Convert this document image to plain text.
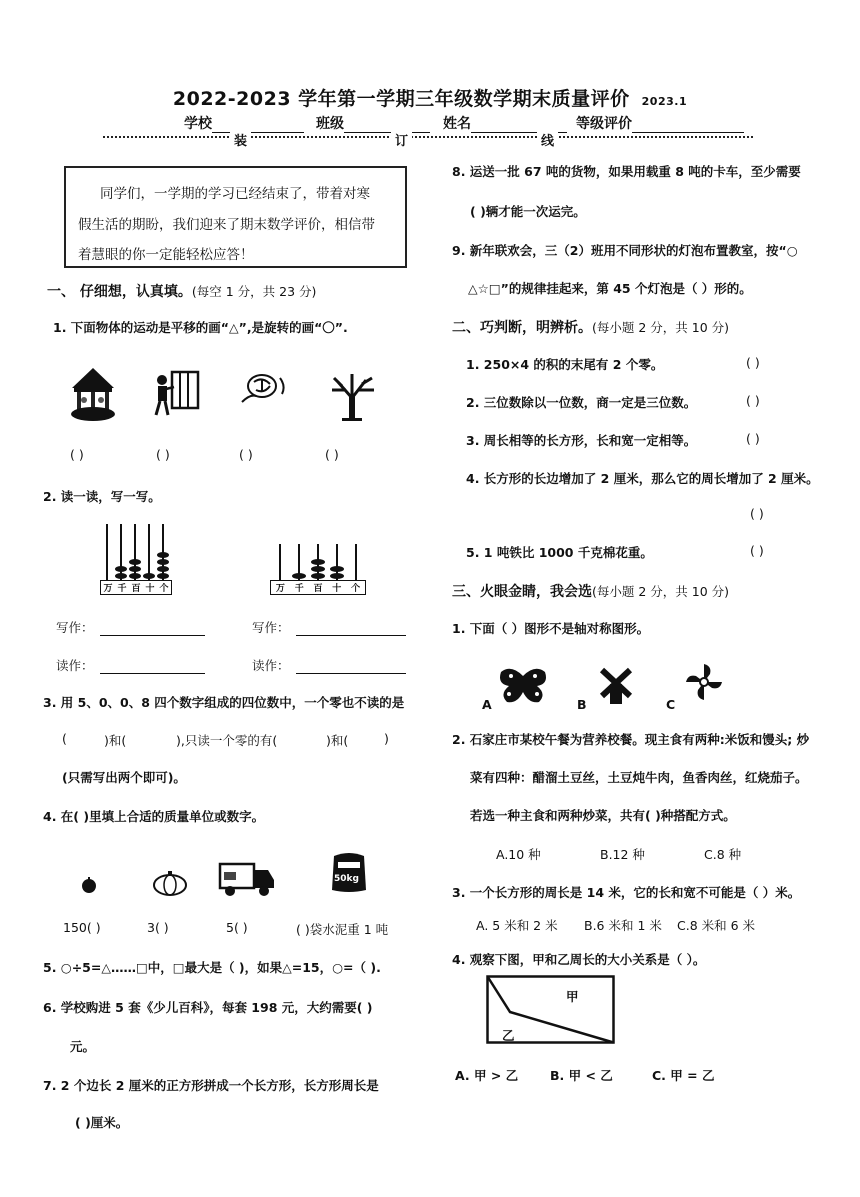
2022-2023 学年第一学期三年级数学期末质量评价 2023.1
学校	班级	姓名	等级评价
装	订	线
同学们，一学期的学习已经结束了，带着对寒
假生活的期盼，我们迎来了期末数学评价，相信带
着慧眼的你一定能轻松应答！
一、 仔细想，认真填。(每空 1 分，共 23 分)
1. 下面物体的运动是平移的画“△”,是旋转的画“〇”.
( )	( )	( )	( )
2. 读一读，写一写。
万 千 百 十 个	万	千	百	十	个
写作：	写作：
读作：	读作：
3. 用 5、0、0、8 四个数字组成的四位数中，一个零也不读的是
(	)和(	),只读一个零的有(	)和(	)
(只需写出两个即可)。
4. 在( )里填上合适的质量单位或数字。
50kg
150( )	3( )	5( )	( )袋水泥重 1 吨
5. ○÷5=△……□中，□最大是（ )，如果△=15，○=（ ).
6. 学校购进 5 套《少儿百科》，每套 198 元，大约需要( )
元。
7. 2 个边长 2 厘米的正方形拼成一个长方形，长方形周长是
( )厘米。
8. 运送一批 67 吨的货物，如果用载重 8 吨的卡车，至少需要
( )辆才能一次运完。
9. 新年联欢会，三（2）班用不同形状的灯泡布置教室，按“○
△☆□”的规律挂起来，第 45 个灯泡是（ ）形的。
二、巧判断，明辨析。(每小题 2 分，共 10 分)
1. 250×4 的积的末尾有 2 个零。	( )
2. 三位数除以一位数，商一定是三位数。	( )
3. 周长相等的长方形，长和宽一定相等。	( )
4. 长方形的长边增加了 2 厘米，那么它的周长增加了 2 厘米。
( )
5. 1 吨铁比 1000 千克棉花重。	( )
三、火眼金睛，我会选(每小题 2 分，共 10 分)
1. 下面（ ）图形不是轴对称图形。
A	B	C
2. 石家庄市某校午餐为营养校餐。现主食有两种:米饭和馒头; 炒
菜有四种：醋溜土豆丝，土豆炖牛肉，鱼香肉丝，红烧茄子。
若选一种主食和两种炒菜，共有( )种搭配方式。
A.10 种	B.12 种	C.8 种
3. 一个长方形的周长是 14 米，它的长和宽不可能是（ ）米。
A. 5 米和 2 米 B.6 米和 1 米 C.8 米和 6 米
4. 观察下图，甲和乙周长的大小关系是（ ）。
甲
乙
A. 甲 > 乙	B. 甲 < 乙	C. 甲 = 乙
